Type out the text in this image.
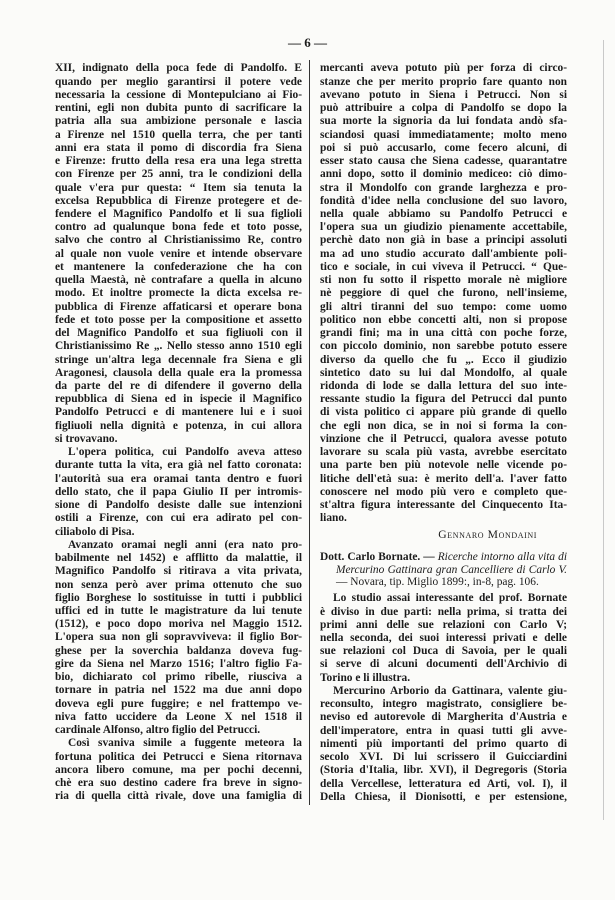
— 6 —
XII, indignato della poca fede di Pandolfo. E
quando per meglio garantirsi il potere vede
necessaria la cessione di Montepulciano ai Fio-
rentini, egli non dubita punto di sacrificare la
patria alla sua ambizione personale e lascia
a Firenze nel 1510 quella terra, che per tanti
anni era stata il pomo di discordia fra Siena
e Firenze: frutto della resa era una lega stretta
con Firenze per 25 anni, tra le condizioni della
quale v'era pur questa: “ Item sia tenuta la
excelsa Repubblica di Firenze protegere et de-
fendere el Magnifico Pandolfo et li sua figlioli
contro ad qualunque bona fede et toto posse,
salvo che contro al Christianissimo Re, contro
al quale non vuole venire et intende observare
et mantenere la confederazione che ha con
quella Maestà, nè contrafare a quella in alcuno
modo. Et inoltre promecte la dicta excelsa re-
pubblica di Firenze affaticarsi et operare bona
fede et toto posse per la compositione et assetto
del Magnifico Pandolfo et sua figliuoli con il
Christianissimo Re „. Nello stesso anno 1510 egli
stringe un'altra lega decennale fra Siena e gli
Aragonesi, clausola della quale era la promessa
da parte del re di difendere il governo della
repubblica di Siena ed in ispecie il Magnifico
Pandolfo Petrucci e di mantenere lui e i suoi
figliuoli nella dignità e potenza, in cui allora
si trovavano.
L'opera politica, cui Pandolfo aveva atteso
durante tutta la vita, era già nel fatto coronata:
l'autorità sua era oramai tanta dentro e fuori
dello stato, che il papa Giulio II per intromis-
sione di Pandolfo desiste dalle sue intenzioni
ostili a Firenze, con cui era adirato pel con-
ciliabolo di Pisa.
Avanzato oramai negli anni (era nato pro-
babilmente nel 1452) e afflitto da malattie, il
Magnifico Pandolfo si ritirava a vita privata,
non senza però aver prima ottenuto che suo
figlio Borghese lo sostituisse in tutti i pubblici
uffici ed in tutte le magistrature da lui tenute
(1512), e poco dopo moriva nel Maggio 1512.
L'opera sua non gli sopravviveva: il figlio Bor-
ghese per la soverchia baldanza doveva fug-
gire da Siena nel Marzo 1516; l'altro figlio Fa-
bio, dichiarato col primo ribelle, riusciva a
tornare in patria nel 1522 ma due anni dopo
doveva egli pure fuggire; e nel frattempo ve-
niva fatto uccidere da Leone X nel 1518 il
cardinale Alfonso, altro figlio del Petrucci.
Così svaniva simile a fuggente meteora la
fortuna politica dei Petrucci e Siena ritornava
ancora libero comune, ma per pochi decenni,
chè era suo destino cadere fra breve in signo-
ria di quella città rivale, dove una famiglia di
mercanti aveva potuto più per forza di circo-
stanze che per merito proprio fare quanto non
avevano potuto in Siena i Petrucci. Non si
può attribuire a colpa di Pandolfo se dopo la
sua morte la signoria da lui fondata andò sfa-
sciandosi quasi immediatamente; molto meno
poi si può accusarlo, come fecero alcuni, di
esser stato causa che Siena cadesse, quarantatre
anni dopo, sotto il dominio mediceo: ciò dimo-
stra il Mondolfo con grande larghezza e pro-
fondità d'idee nella conclusione del suo lavoro,
nella quale abbiamo su Pandolfo Petrucci e
l'opera sua un giudizio pienamente accettabile,
perchè dato non già in base a principi assoluti
ma ad uno studio accurato dall'ambiente poli-
tico e sociale, in cui viveva il Petrucci. “ Que-
sti non fu sotto il rispetto morale nè migliore
nè peggiore di quel che furono, nell'insieme,
gli altri tiranni del suo tempo: come uomo
politico non ebbe concetti alti, non si propose
grandi fini; ma in una città con poche forze,
con piccolo dominio, non sarebbe potuto essere
diverso da quello che fu „. Ecco il giudizio
sintetico dato su lui dal Mondolfo, al quale
ridonda di lode se dalla lettura del suo inte-
ressante studio la figura del Petrucci dal punto
di vista politico ci appare più grande di quello
che egli non dica, se in noi si forma la con-
vinzione che il Petrucci, qualora avesse potuto
lavorare su scala più vasta, avrebbe esercitato
una parte ben più notevole nelle vicende po-
litiche dell'età sua: è merito dell'a. l'aver fatto
conoscere nel modo più vero e completo que-
st'altra figura interessante del Cinquecento Ita-
liano.
Gennaro Mondaini
Dott. Carlo Bornate. — Ricerche intorno alla vita di
Mercurino Gattinara gran Cancelliere di Carlo V.
— Novara, tip. Miglio 1899:, in-8, pag. 106.
Lo studio assai interessante del prof. Bornate
è diviso in due parti: nella prima, si tratta dei
primi anni delle sue relazioni con Carlo V;
nella seconda, dei suoi interessi privati e delle
sue relazioni col Duca di Savoia, per le quali
si serve di alcuni documenti dell'Archivio di
Torino e li illustra.
Mercurino Arborio da Gattinara, valente giu-
reconsulto, integro magistrato, consigliere be-
neviso ed autorevole di Margherita d'Austria e
dell'imperatore, entra in quasi tutti gli avve-
nimenti più importanti del primo quarto di
secolo XVI. Di lui scrissero il Guicciardini
(Storia d'Italia, libr. XVI), il Degregoris (Storia
della Vercellese, letteratura ed Arti, vol. I), il
Della Chiesa, il Dionisotti, e per estensione,
